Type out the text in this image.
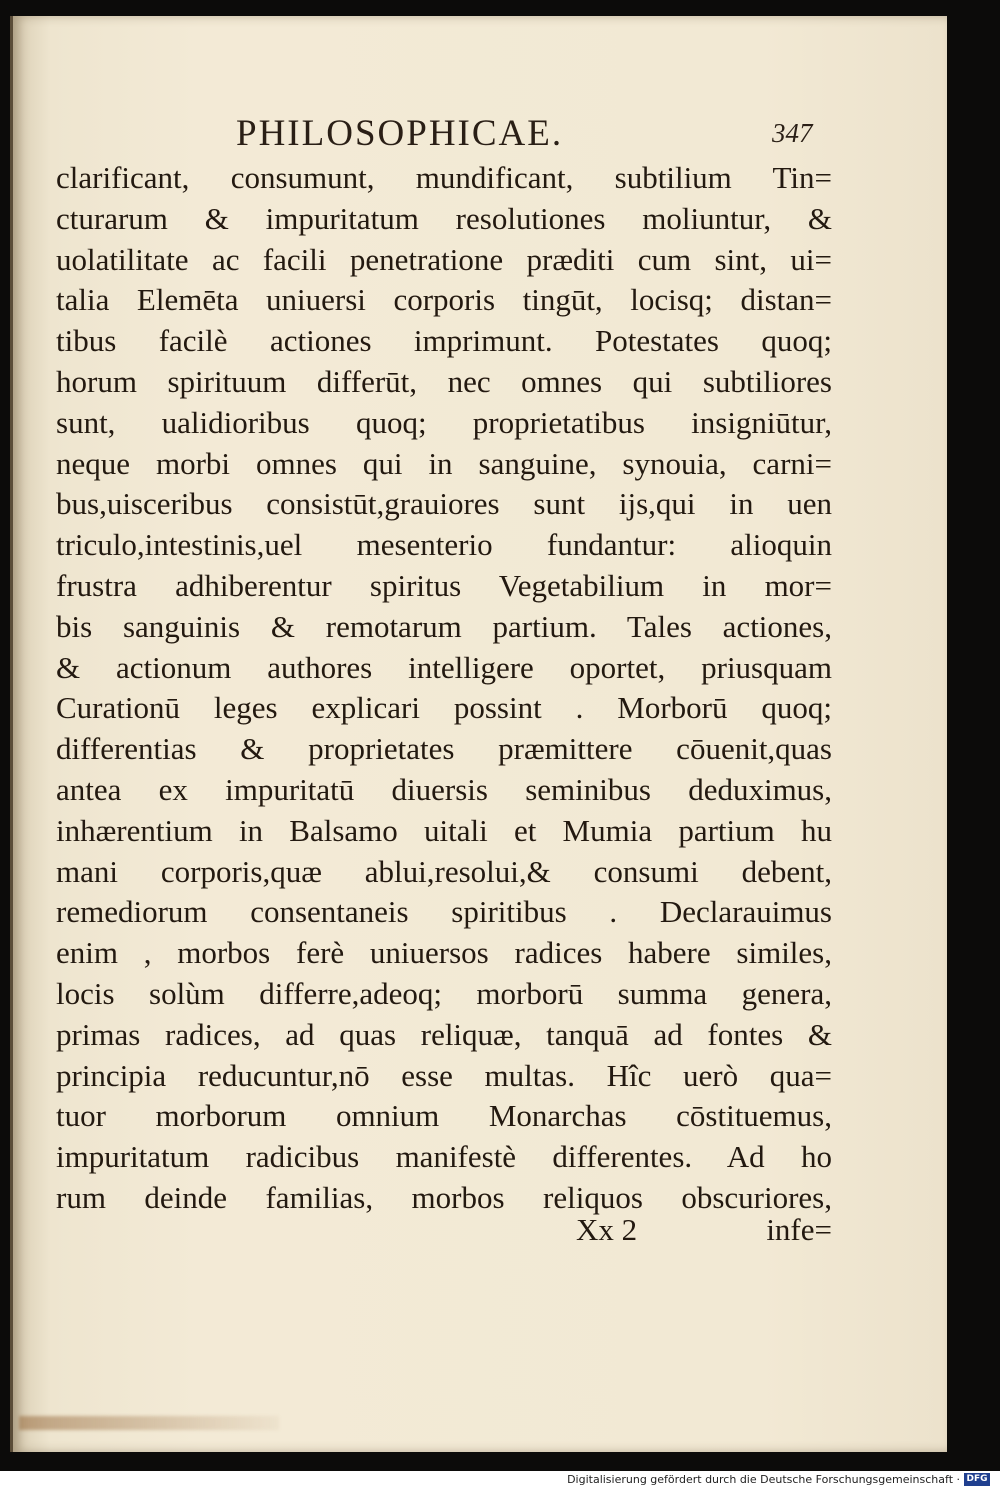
PHILOSOPHICAE.	347
clarificant, consumunt, mundificant, subtilium Tin=
cturarum & impuritatum resolutiones moliuntur, &
uolatilitate ac facili penetratione præditi cum sint, ui=
talia Elemēta uniuersi corporis tingūt, locisq; distan=
tibus facilè actiones imprimunt. Potestates quoq;
horum spirituum differūt, nec omnes qui subtiliores
sunt, ualidioribus quoq; proprietatibus insigniūtur,
neque morbi omnes qui in sanguine, synouia, carni=
bus,uisceribus consistūt,grauiores sunt ijs,qui in uen
triculo,intestinis,uel mesenterio fundantur: alioquin
frustra adhiberentur spiritus Vegetabilium in mor=
bis sanguinis & remotarum partium. Tales actiones,
& actionum authores intelligere oportet, priusquam
Curationū leges explicari possint . Morborū quoq;
differentias & proprietates præmittere cōuenit,quas
antea ex impuritatū diuersis seminibus deduximus,
inhærentium in Balsamo uitali et Mumia partium hu
mani corporis,quæ ablui,resolui,& consumi debent,
remediorum consentaneis spiritibus . Declarauimus
enim , morbos ferè uniuersos radices habere similes,
locis solùm differre,adeoq; morborū summa genera,
primas radices, ad quas reliquæ, tanquā ad fontes &
principia reducuntur,nō esse multas. Hîc uerò qua=
tuor morborum omnium Monarchas cōstituemus,
impuritatum radicibus manifestè differentes. Ad ho
rum deinde familias, morbos reliquos obscuriores,
Xx 2	infe=
Digitalisierung gefördert durch die Deutsche Forschungsgemeinschaft · DFG
